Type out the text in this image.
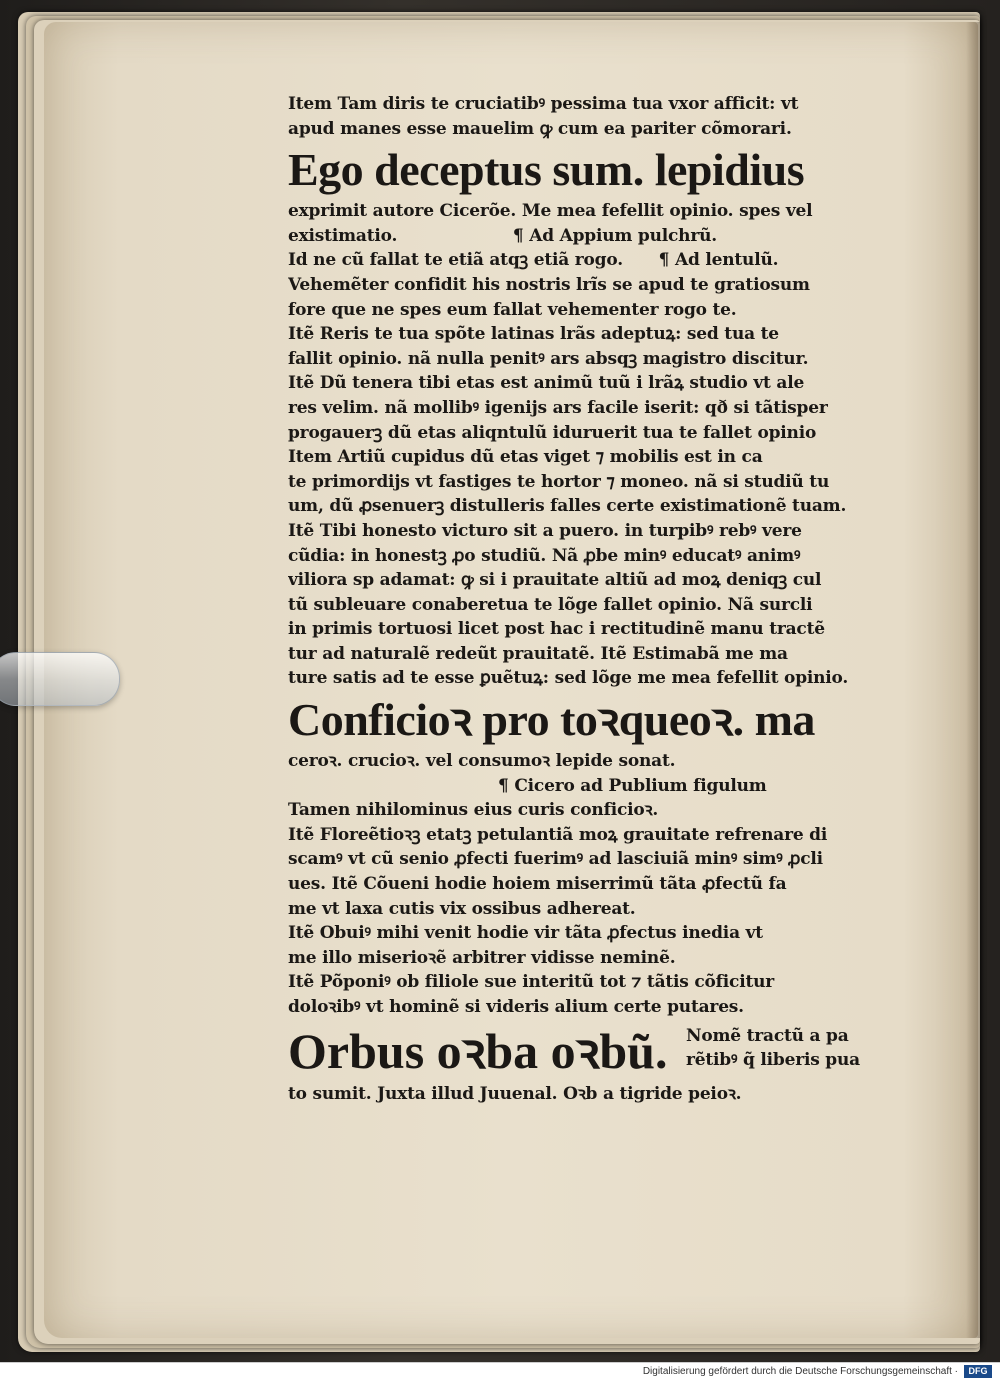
Item Tam diris te cruciatibꝰ pessima tua vxor afficit: vt
apud manes esse mauelim ꝙ cum ea pariter cõmorari.
Ego deceptus sum. lepidius
exprimit autore Cicerõe. Me mea fefellit opinio. spes vel
existimatio.	¶ Ad Appium pulchrũ.
Id ne cũ fallat te etiã atqꝫ etiã rogo. ¶ Ad lentulũ.
Vehemẽter confidit his nostris lrĩs se apud te gratiosum
fore que ne spes eum fallat vehementer rogo te.
Itẽ Reris te tua spõte latinas lrãs adeptuꝝ: sed tua te
fallit opinio. nã nulla penitꝰ ars absqꝫ magistro discitur.
Itẽ Dũ tenera tibi etas est animũ tuũ i lrãꝝ studio vt ale
res velim. nã mollibꝰ igenijs ars facile iserit: qð si tãtisper
progauerꝫ dũ etas aliqntulũ iduruerit tua te fallet opinio
Item Artiũ cupidus dũ etas viget ⁊ mobilis est in ca
te primordijs vt fastiges te hortor ⁊ moneo. nã si studiũ tu
um, dũ ꝓsenuerꝫ distulleris falles certe existimationẽ tuam.
Itẽ Tibi honesto victuro sit a puero. in turpibꝰ rebꝰ vere
cũdia: in honestꝫ ꝓo studiũ. Nã ꝓbe minꝰ educatꝰ animꝰ
viliora sp adamat: ꝙ si i prauitate altiũ ad moꝝ deniqꝫ cul
tũ subleuare conaberetua te lõge fallet opinio. Nã surcli
in primis tortuosi licet post hac i rectitudinẽ manu tractẽ
tur ad naturalẽ redeũt prauitatẽ. Itẽ Estimabã me ma
ture satis ad te esse ꝑuẽtuꝝ: sed lõge me mea fefellit opinio.
Conficioꝛ pro toꝛqueoꝛ. ma
ceroꝛ. crucioꝛ. vel consumoꝛ lepide sonat.
¶ Cicero ad Publium figulum
Tamen nihilominus eius curis conficioꝛ.
Itẽ Floreẽtioꝛꝫ etatꝫ petulantiã moꝝ grauitate refrenare di
scamꝰ vt cũ senio ꝓfecti fuerimꝰ ad lasciuiã minꝰ simꝰ ꝓcli
ues. Itẽ Cõueni hodie hoiem miserrimũ tãta ꝓfectũ fa
me vt laxa cutis vix ossibus adhereat.
Itẽ Obuiꝰ mihi venit hodie vir tãta ꝓfectus inedia vt
me illo miserioꝛẽ arbitrer vidisse neminẽ.
Itẽ Põponiꝰ ob filiole sue interitũ tot ⁊ tãtis cõficitur
doloꝛibꝰ vt hominẽ si videris alium certe putares.
Orbus oꝛba oꝛbũ. Nomẽ tractũ a pa
rẽtibꝰ q̃ liberis pua
to sumit. Juxta illud Juuenal. Oꝛb a tigride peioꝛ.
Digitalisierung gefördert durch die Deutsche Forschungsgemeinschaft ·	DFG
